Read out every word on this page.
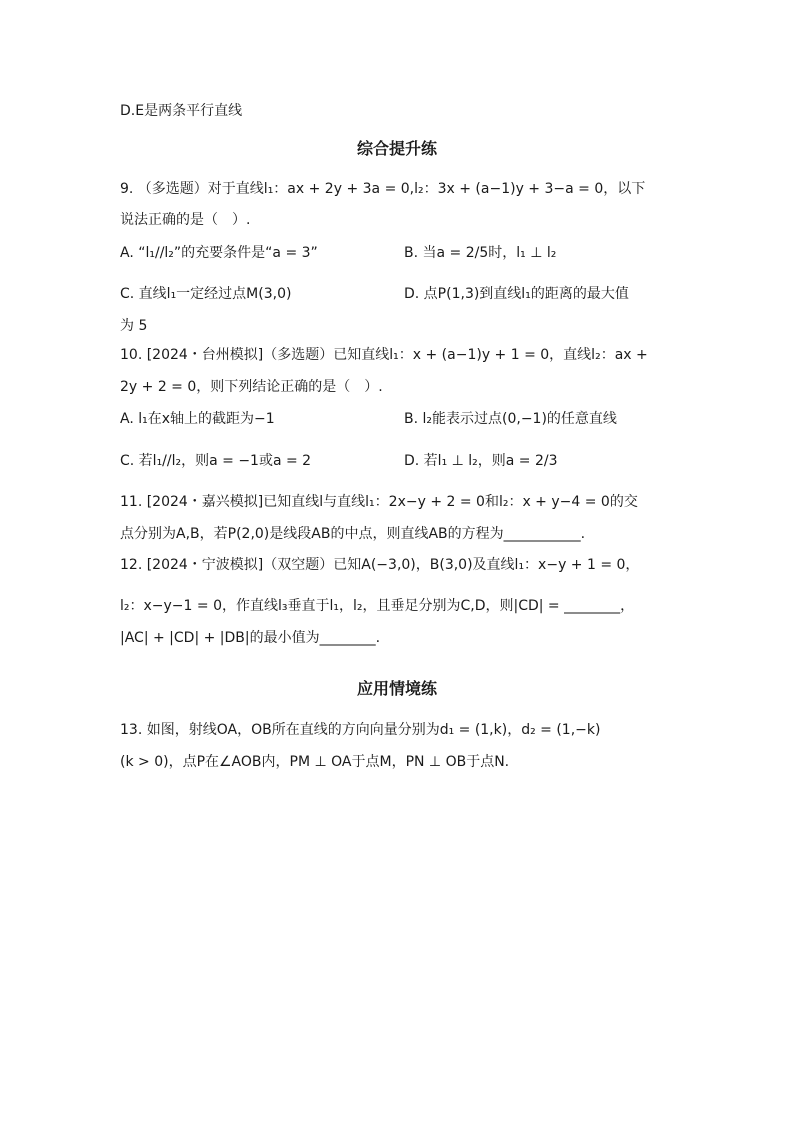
D.E是两条平行直线
综合提升练
9. （多选题）对于直线l₁：ax + 2y + 3a = 0,l₂：3x + (a−1)y + 3−a = 0，以下
说法正确的是（　）.
A. “l₁//l₂”的充要条件是“a = 3”	B. 当a = 2/5时，l₁ ⊥ l₂
C. 直线l₁一定经过点M(3,0)	D. 点P(1,3)到直线l₁的距离的最大值
为 5
10. [2024・台州模拟]（多选题）已知直线l₁：x + (a−1)y + 1 = 0，直线l₂：ax +
2y + 2 = 0，则下列结论正确的是（　）.
A. l₁在x轴上的截距为−1	B. l₂能表示过点(0,−1)的任意直线
C. 若l₁//l₂，则a = −1或a = 2	D. 若l₁ ⊥ l₂，则a = 2/3
11. [2024・嘉兴模拟]已知直线l与直线l₁：2x−y + 2 = 0和l₂：x + y−4 = 0的交
点分别为A,B，若P(2,0)是线段AB的中点，则直线AB的方程为___________.
12. [2024・宁波模拟]（双空题）已知A(−3,0)，B(3,0)及直线l₁：x−y + 1 = 0，
l₂：x−y−1 = 0，作直线l₃垂直于l₁，l₂，且垂足分别为C,D，则|CD| = ________，
|AC| + |CD| + |DB|的最小值为________.
应用情境练
13. 如图，射线OA，OB所在直线的方向向量分别为d₁ = (1,k)，d₂ = (1,−k)
(k > 0)，点P在∠AOB内，PM ⊥ OA于点M，PN ⊥ OB于点N.
